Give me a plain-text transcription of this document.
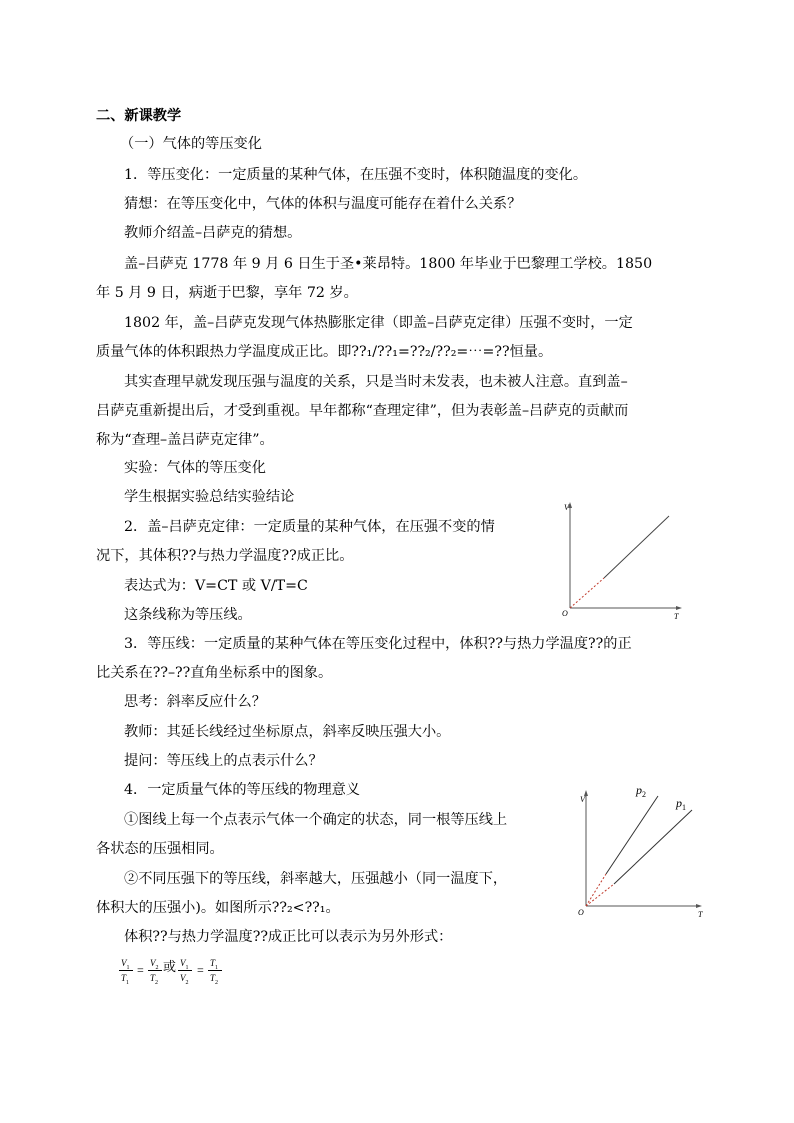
二、新课教学
（一）气体的等压变化
1．等压变化：一定质量的某种气体，在压强不变时，体积随温度的变化。
猜想：在等压变化中，气体的体积与温度可能存在着什么关系？
教师介绍盖–吕萨克的猜想。
盖–吕萨克 1778 年 9 月 6 日生于圣•莱昂特。1800 年毕业于巴黎理工学校。1850
年 5 月 9 日，病逝于巴黎，享年 72 岁。
1802 年，盖–吕萨克发现气体热膨胀定律（即盖–吕萨克定律）压强不变时，一定
质量气体的体积跟热力学温度成正比。即??₁/??₁=??₂/??₂=⋯=??恒量。
其实查理早就发现压强与温度的关系，只是当时未发表，也未被人注意。直到盖–
吕萨克重新提出后，才受到重视。早年都称“查理定律”，但为表彰盖–吕萨克的贡献而
称为“查理–盖吕萨克定律”。
实验：气体的等压变化
学生根据实验总结实验结论
2．盖–吕萨克定律：一定质量的某种气体，在压强不变的情
况下，其体积??与热力学温度??成正比。
表达式为：V=CT 或 V/T=C
这条线称为等压线。
3．等压线：一定质量的某种气体在等压变化过程中，体积??与热力学温度??的正
比关系在??–??直角坐标系中的图象。
思考：斜率反应什么？
教师：其延长线经过坐标原点，斜率反映压强大小。
提问：等压线上的点表示什么？
4．一定质量气体的等压线的物理意义
①图线上每一个点表示气体一个确定的状态，同一根等压线上
各状态的压强相同。
②不同压强下的等压线，斜率越大，压强越小（同一温度下，
体积大的压强小)。如图所示??₂<??₁。
体积??与热力学温度??成正比可以表示为另外形式：
$V_1$
$T_1$
= $V_2$
$T_2$
或 $V_1$
$V_2$
= $T_1$
$T_2$
V
T
O
V
T
O
$p_2$
$p_1$
